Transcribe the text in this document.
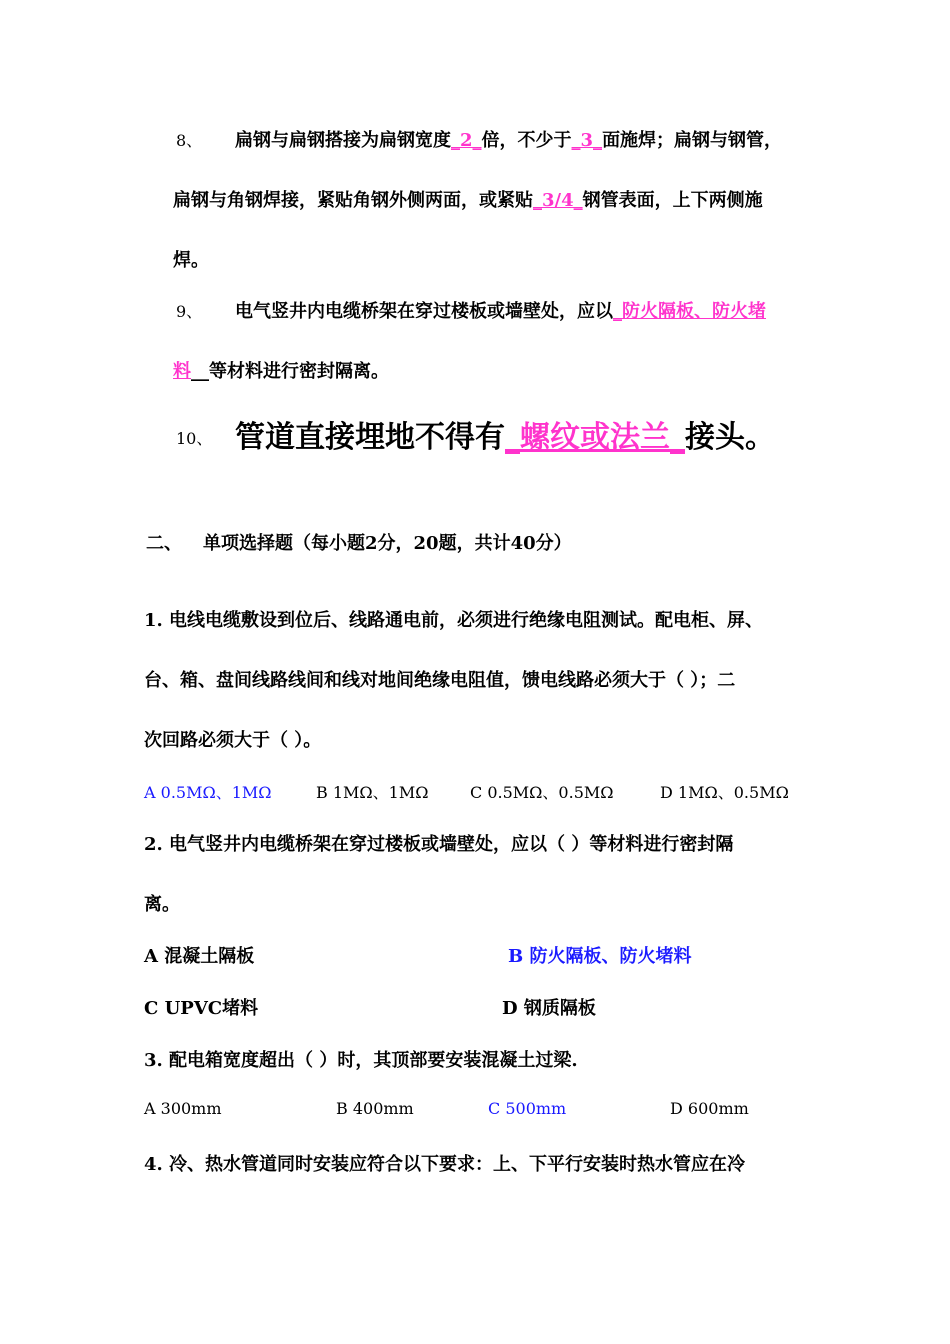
8、 扁钢与扁钢搭接为扁钢宽度_2_倍，不少于_3_面施焊；扁钢与钢管，
扁钢与角钢焊接，紧贴角钢外侧两面，或紧贴_3/4_钢管表面，上下两侧施
焊。
9、 电气竖井内电缆桥架在穿过楼板或墙壁处，应以_防火隔板、防火堵
料__等材料进行密封隔离。
10、 管道直接埋地不得有_螺纹或法兰_接头。
二、 单项选择题（每小题2分，20题，共计40分）
1. 电线电缆敷设到位后、线路通电前，必须进行绝缘电阻测试。配电柜、屏、
台、箱、盘间线路线间和线对地间绝缘电阻值，馈电线路必须大于（ ）；二
次回路必须大于（ ）。
A 0.5MΩ、1MΩ	B 1MΩ、1MΩ	C 0.5MΩ、0.5MΩ	D 1MΩ、0.5MΩ
2. 电气竖井内电缆桥架在穿过楼板或墙壁处，应以（ ）等材料进行密封隔
离。
A 混凝土隔板	B 防火隔板、防火堵料
C UPVC堵料	D 钢质隔板
3. 配电箱宽度超出（ ）时，其顶部要安装混凝土过梁.
A 300mm	B 400mm	C 500mm	D 600mm
4. 冷、热水管道同时安装应符合以下要求：上、下平行安装时热水管应在冷
